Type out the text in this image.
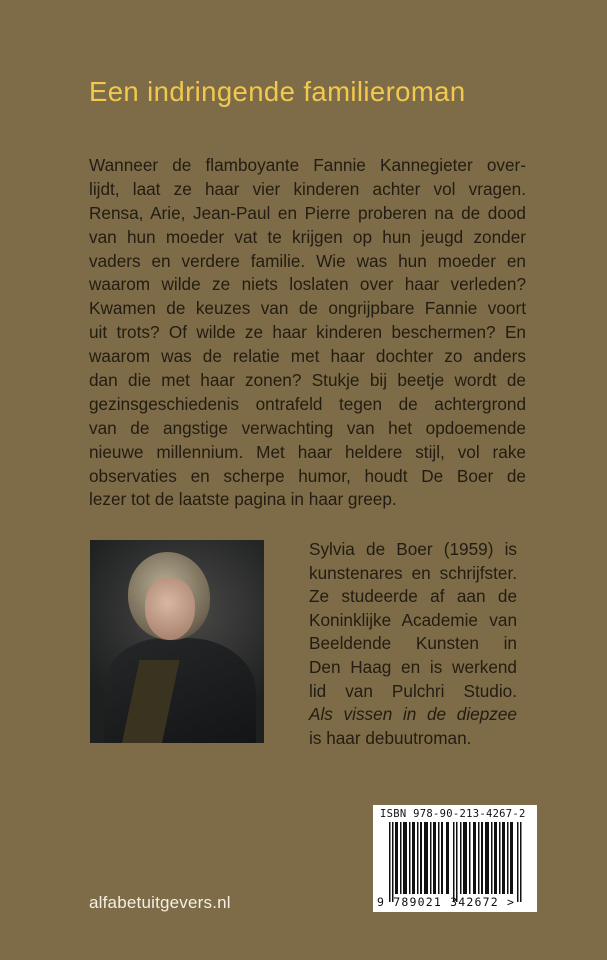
Een indringende familieroman
Wanneer de flamboyante Fannie Kannegieter over-
lijdt, laat ze haar vier kinderen achter vol vragen.
Rensa, Arie, Jean-Paul en Pierre proberen na de dood
van hun moeder vat te krijgen op hun jeugd zonder
vaders en verdere familie. Wie was hun moeder en
waarom wilde ze niets loslaten over haar verleden?
Kwamen de keuzes van de ongrijpbare Fannie voort
uit trots? Of wilde ze haar kinderen beschermen? En
waarom was de relatie met haar dochter zo anders
dan die met haar zonen? Stukje bij beetje wordt de
gezinsgeschiedenis ontrafeld tegen de achtergrond
van de angstige verwachting van het opdoemende
nieuwe millennium. Met haar heldere stijl, vol rake
observaties en scherpe humor, houdt De Boer de
lezer tot de laatste pagina in haar greep.
Sylvia de Boer (1959) is
kunstenares en schrijfster.
Ze studeerde af aan de
Koninklijke Academie van
Beeldende Kunsten in
Den Haag en is werkend
lid van Pulchri Studio.
Als vissen in de diepzee
is haar debuutroman.
ISBN 978-90-213-4267-2
9 789021 342672 >
alfabetuitgevers.nl
